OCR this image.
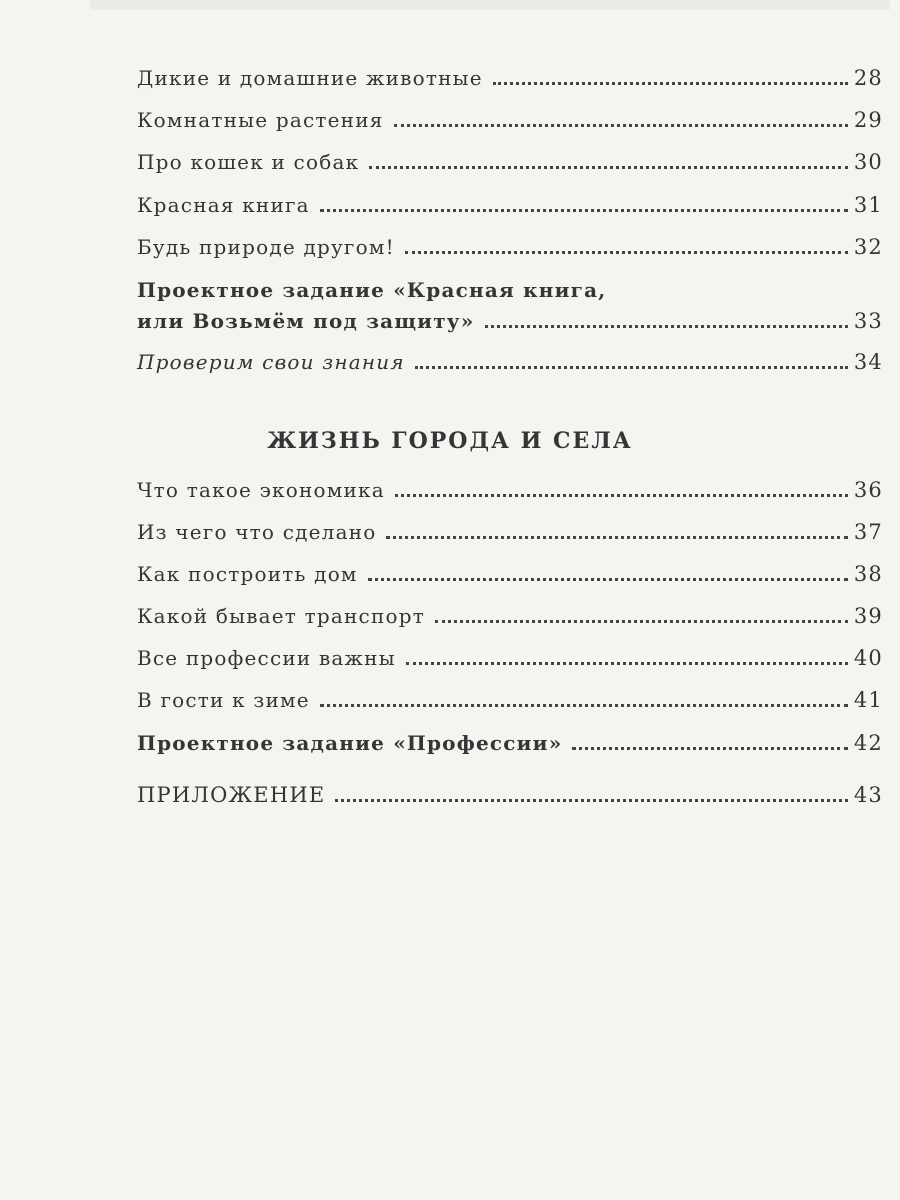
Дикие и домашние животные	28
Комнатные растения	29
Про кошек и собак	30
Красная книга	31
Будь природе другом!	32
Проектное задание «Красная книга,
или Возьмём под защиту»	33
Проверим свои знания	34
ЖИЗНЬ ГОРОДА И СЕЛА
Что такое экономика	36
Из чего что сделано	37
Как построить дом	38
Какой бывает транспорт	39
Все профессии важны	40
В гости к зиме	41
Проектное задание «Профессии»	42
ПРИЛОЖЕНИЕ	43
